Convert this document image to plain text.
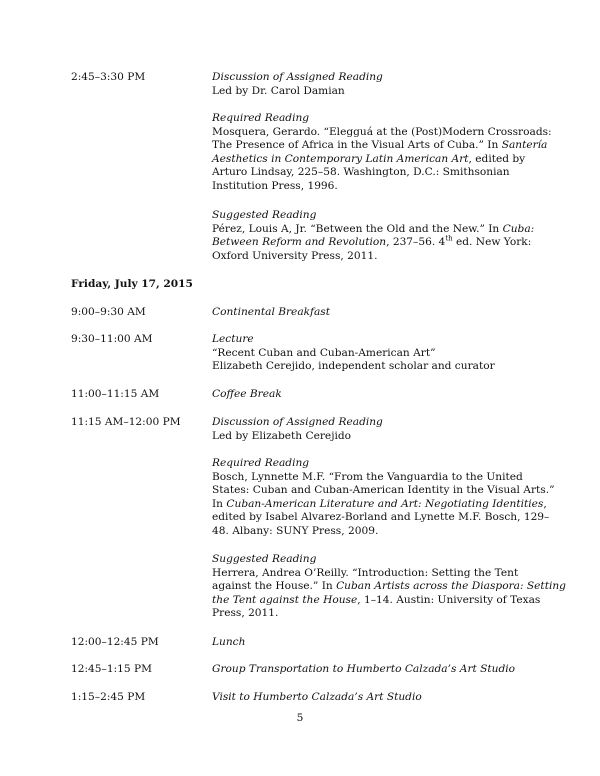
2:45–3:30 PM	Discussion of Assigned Reading
Led by Dr. Carol Damian
Required Reading
Mosquera, Gerardo. “Elegguá at the (Post)Modern Crossroads:
The Presence of Africa in the Visual Arts of Cuba.” In Santería
Aesthetics in Contemporary Latin American Art, edited by
Arturo Lindsay, 225–58. Washington, D.C.: Smithsonian
Institution Press, 1996.
Suggested Reading
Pérez, Louis A, Jr. “Between the Old and the New.” In Cuba:
Between Reform and Revolution, 237–56. 4th ed. New York:
Oxford University Press, 2011.
Friday, July 17, 2015
9:00–9:30 AM	Continental Breakfast
9:30–11:00 AM	Lecture
“Recent Cuban and Cuban-American Art”
Elizabeth Cerejido, independent scholar and curator
11:00–11:15 AM	Coffee Break
11:15 AM–12:00 PM	Discussion of Assigned Reading
Led by Elizabeth Cerejido
Required Reading
Bosch, Lynnette M.F. “From the Vanguardia to the United
States: Cuban and Cuban-American Identity in the Visual Arts.”
In Cuban-American Literature and Art: Negotiating Identities,
edited by Isabel Alvarez-Borland and Lynette M.F. Bosch, 129–
48. Albany: SUNY Press, 2009.
Suggested Reading
Herrera, Andrea O’Reilly. “Introduction: Setting the Tent
against the House.” In Cuban Artists across the Diaspora: Setting
the Tent against the House, 1–14. Austin: University of Texas
Press, 2011.
12:00–12:45 PM	Lunch
12:45–1:15 PM	Group Transportation to Humberto Calzada’s Art Studio
1:15–2:45 PM	Visit to Humberto Calzada’s Art Studio
5
